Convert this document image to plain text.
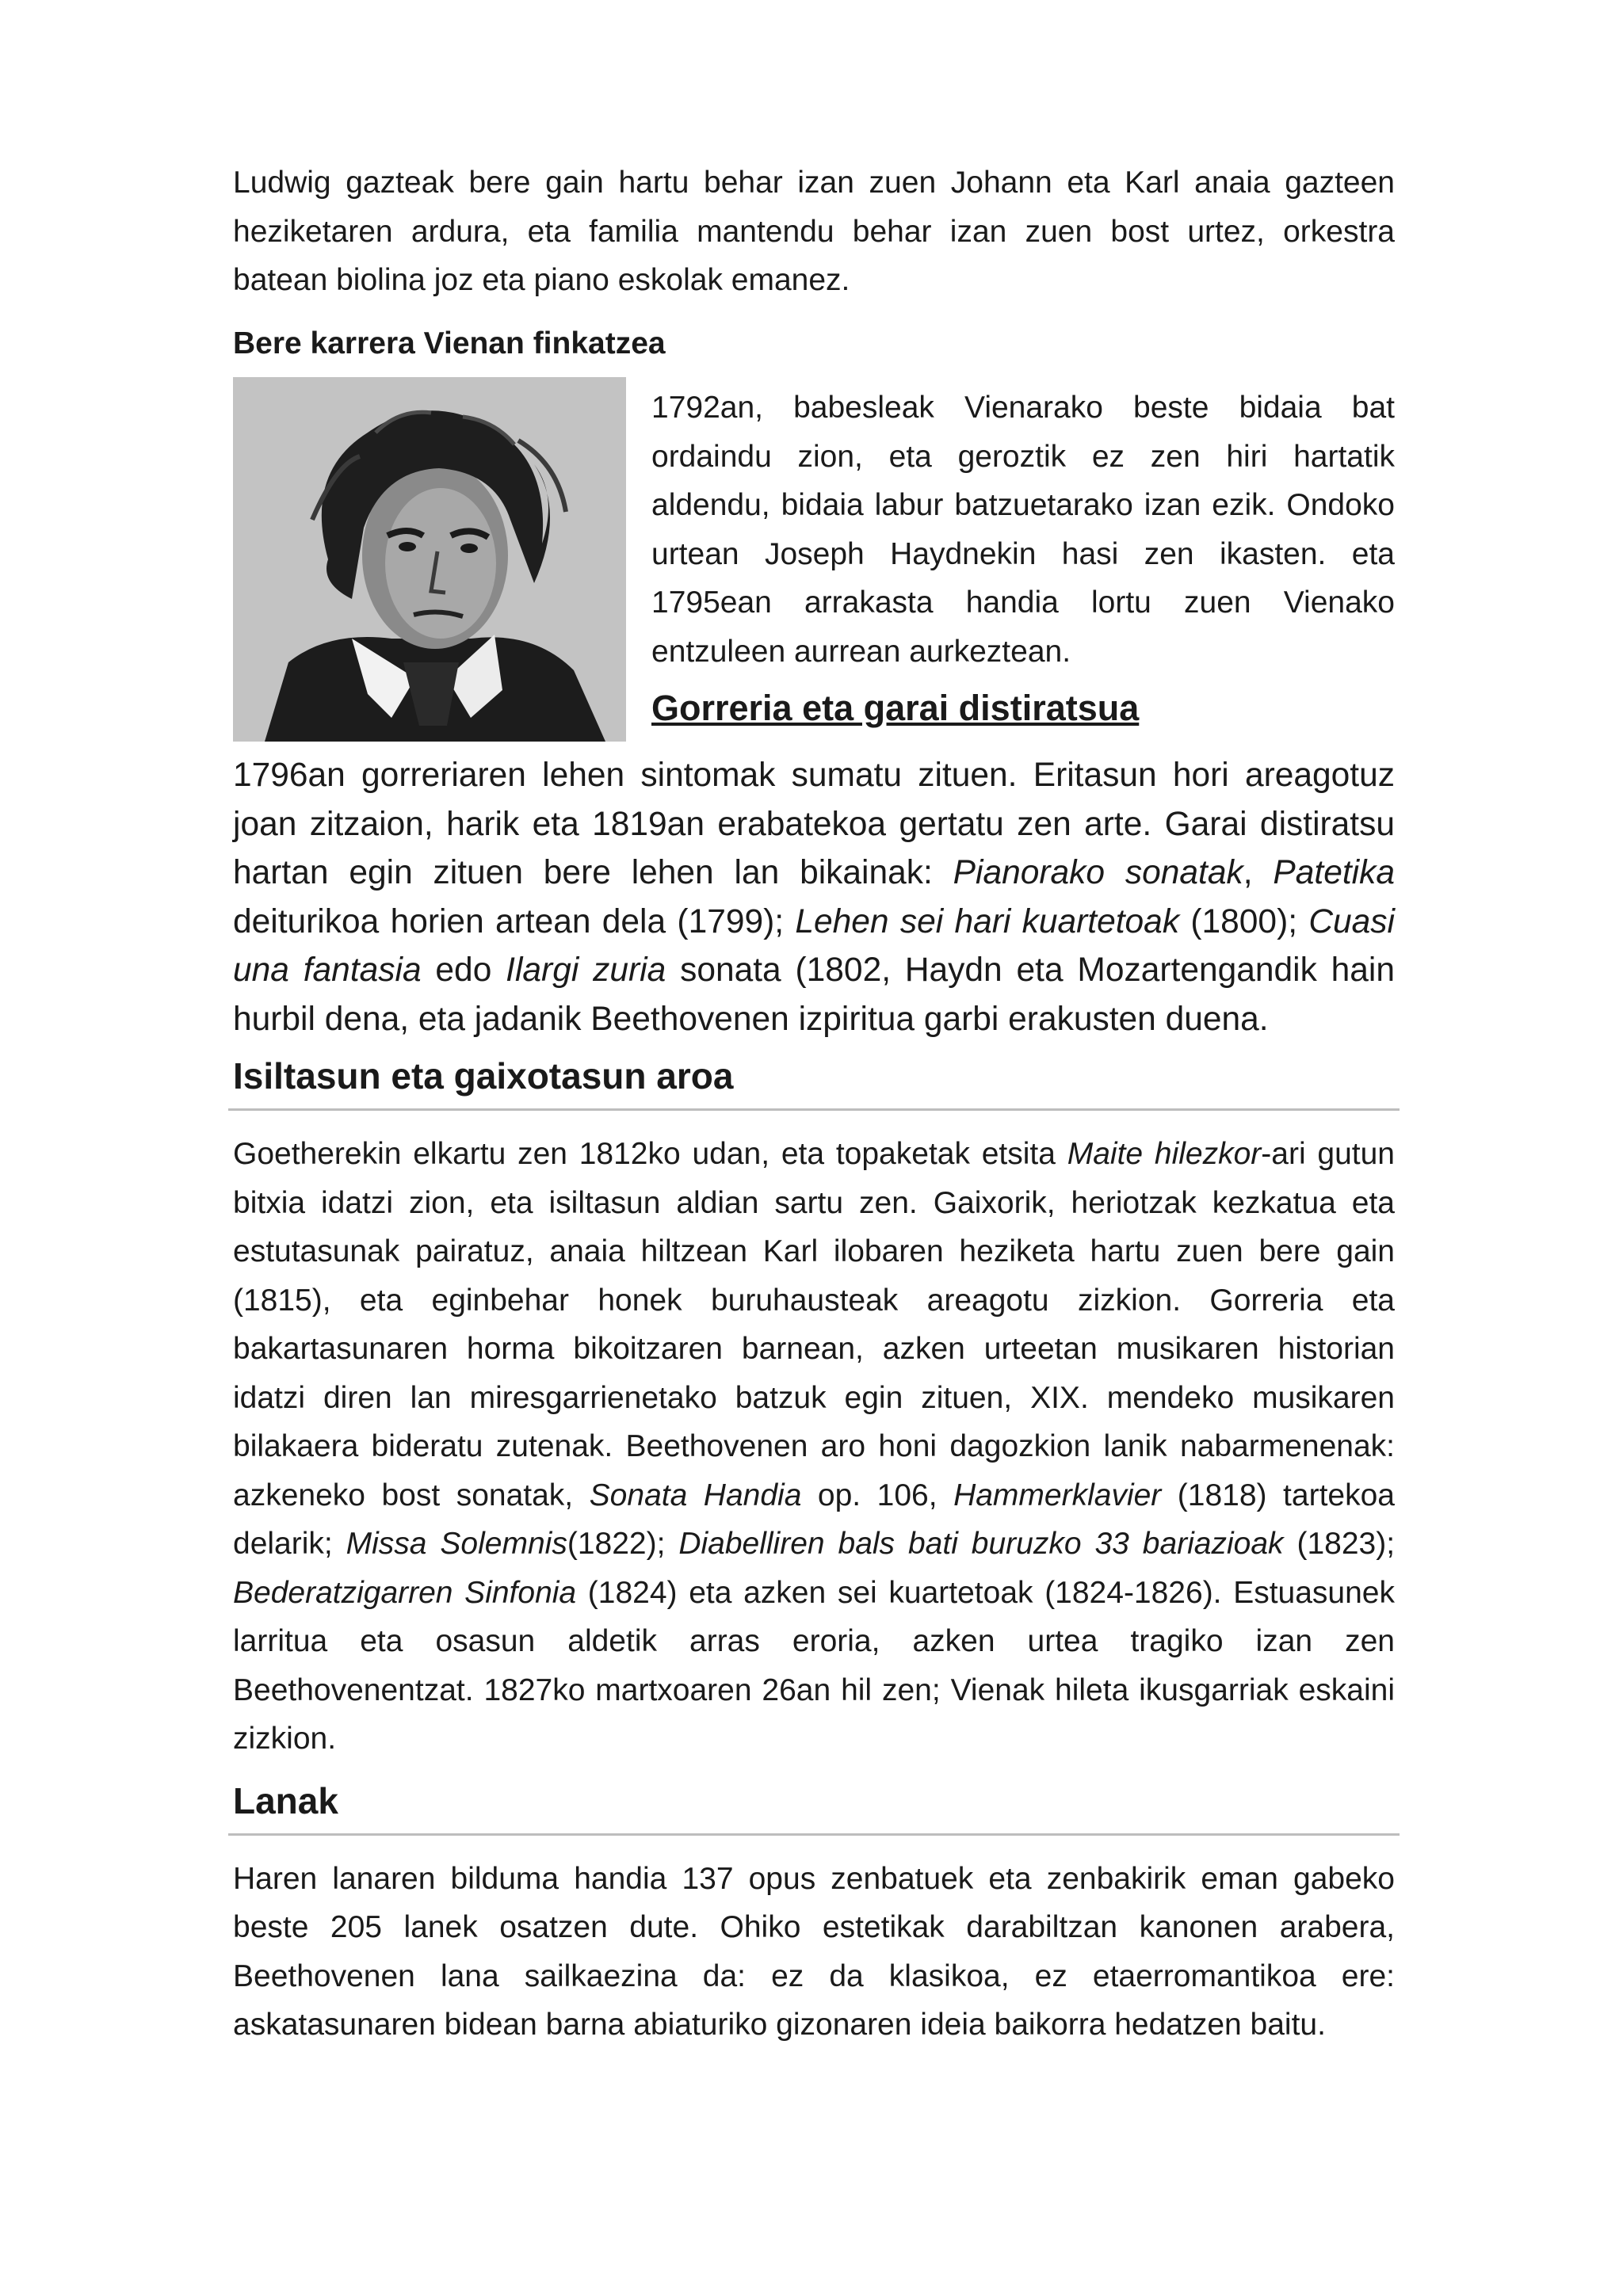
Ludwig gazteak bere gain hartu behar izan zuen Johann eta Karl anaia gazteen heziketaren ardura, eta familia mantendu behar izan zuen bost urtez, orkestra batean biolina joz eta piano eskolak emanez.

Bere karrera Vienan finkatzea

1792an, babesleak Vienarako beste bidaia bat ordaindu zion, eta geroztik ez zen hiri hartatik aldendu, bidaia labur batzuetarako izan ezik. Ondoko urtean Joseph Haydnekin hasi zen ikasten. eta 1795ean arrakasta handia lortu zuen Vienako entzuleen aurrean aurkeztean.

Gorreria eta garai distiratsua

1796an gorreriaren lehen sintomak sumatu zituen. Eritasun hori areagotuz joan zitzaion, harik eta 1819an erabatekoa gertatu zen arte. Garai distiratsu hartan egin zituen bere lehen lan bikainak: Pianorako sonatak, Patetika deiturikoa horien artean dela (1799); Lehen sei hari kuartetoak (1800); Cuasi una fantasia edo Ilargi zuria sonata (1802, Haydn eta Mozartengandik hain hurbil dena, eta jadanik Beethovenen izpiritua garbi erakusten duena.

Isiltasun eta gaixotasun aroa

Goetherekin elkartu zen 1812ko udan, eta topaketak etsita Maite hilezkor-ari gutun bitxia idatzi zion, eta isiltasun aldian sartu zen. Gaixorik, heriotzak kezkatua eta estutasunak pairatuz, anaia hiltzean Karl ilobaren heziketa hartu zuen bere gain (1815), eta eginbehar honek buruhausteak areagotu zizkion. Gorreria eta bakartasunaren horma bikoitzaren barnean, azken urteetan musikaren historian idatzi diren lan miresgarrienetako batzuk egin zituen, XIX. mendeko musikaren bilakaera bideratu zutenak. Beethovenen aro honi dagozkion lanik nabarmenenak: azkeneko bost sonatak, Sonata Handia op. 106, Hammerklavier (1818) tartekoa delarik; Missa Solemnis(1822); Diabelliren bals bati buruzko 33 bariazioak (1823); Bederatzigarren Sinfonia (1824) eta azken sei kuartetoak (1824-1826). Estuasunek larritua eta osasun aldetik arras eroria, azken urtea tragiko izan zen Beethovenentzat. 1827ko martxoaren 26an hil zen; Vienak hileta ikusgarriak eskaini zizkion.

Lanak

Haren lanaren bilduma handia 137 opus zenbatuek eta zenbakirik eman gabeko beste 205 lanek osatzen dute. Ohiko estetikak darabiltzan kanonen arabera, Beethovenen lana sailkaezina da: ez da klasikoa, ez etaerromantikoa ere: askatasunaren bidean barna abiaturiko gizonaren ideia baikorra hedatzen baitu.
